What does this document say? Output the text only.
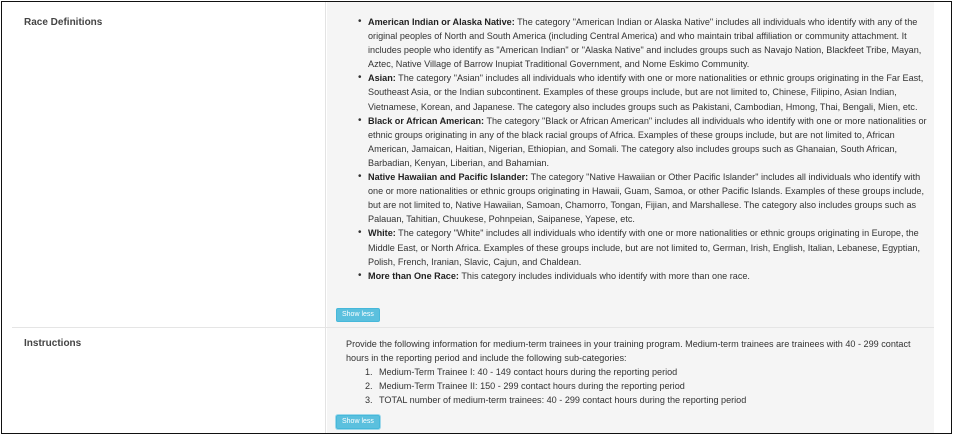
Race Definitions
•	American Indian or Alaska Native: The category "American Indian or Alaska Native" includes all individuals who identify with any of the original peoples of North and South America (including Central America) and who maintain tribal affiliation or community attachment. It includes people who identify as "American Indian" or "Alaska Native" and includes groups such as Navajo Nation, Blackfeet Tribe, Mayan, Aztec, Native Village of Barrow Inupiat Traditional Government, and Nome Eskimo Community.
• Asian: The category "Asian" includes all individuals who identify with one or more nationalities or ethnic groups originating in the Far East, Southeast Asia, or the Indian subcontinent. Examples of these groups include, but are not limited to, Chinese, Filipino, Asian Indian, Vietnamese, Korean, and Japanese. The category also includes groups such as Pakistani, Cambodian, Hmong, Thai, Bengali, Mien, etc.
• Black or African American: The category "Black or African American" includes all individuals who identify with one or more nationalities or ethnic groups originating in any of the black racial groups of Africa. Examples of these groups include, but are not limited to, African American, Jamaican, Haitian, Nigerian, Ethiopian, and Somali. The category also includes groups such as Ghanaian, South African, Barbadian, Kenyan, Liberian, and Bahamian.
• Native Hawaiian and Pacific Islander: The category "Native Hawaiian or Other Pacific Islander" includes all individuals who identify with one or more nationalities or ethnic groups originating in Hawaii, Guam, Samoa, or other Pacific Islands. Examples of these groups include, but are not limited to, Native Hawaiian, Samoan, Chamorro, Tongan, Fijian, and Marshallese. The category also includes groups such as Palauan, Tahitian, Chuukese, Pohnpeian, Saipanese, Yapese, etc.
• White: The category "White" includes all individuals who identify with one or more nationalities or ethnic groups originating in Europe, the Middle East, or North Africa. Examples of these groups include, but are not limited to, German, Irish, English, Italian, Lebanese, Egyptian, Polish, French, Iranian, Slavic, Cajun, and Chaldean.
• More than One Race: This category includes individuals who identify with more than one race.
Show less
Instructions	Provide the following information for medium-term trainees in your training program. Medium-term trainees are trainees with 40 - 299 contact hours in the reporting period and include the following sub-categories:
1. Medium-Term Trainee I: 40 - 149 contact hours during the reporting period
2. Medium-Term Trainee II: 150 - 299 contact hours during the reporting period
3. TOTAL number of medium-term trainees: 40 - 299 contact hours during the reporting period
Show less
